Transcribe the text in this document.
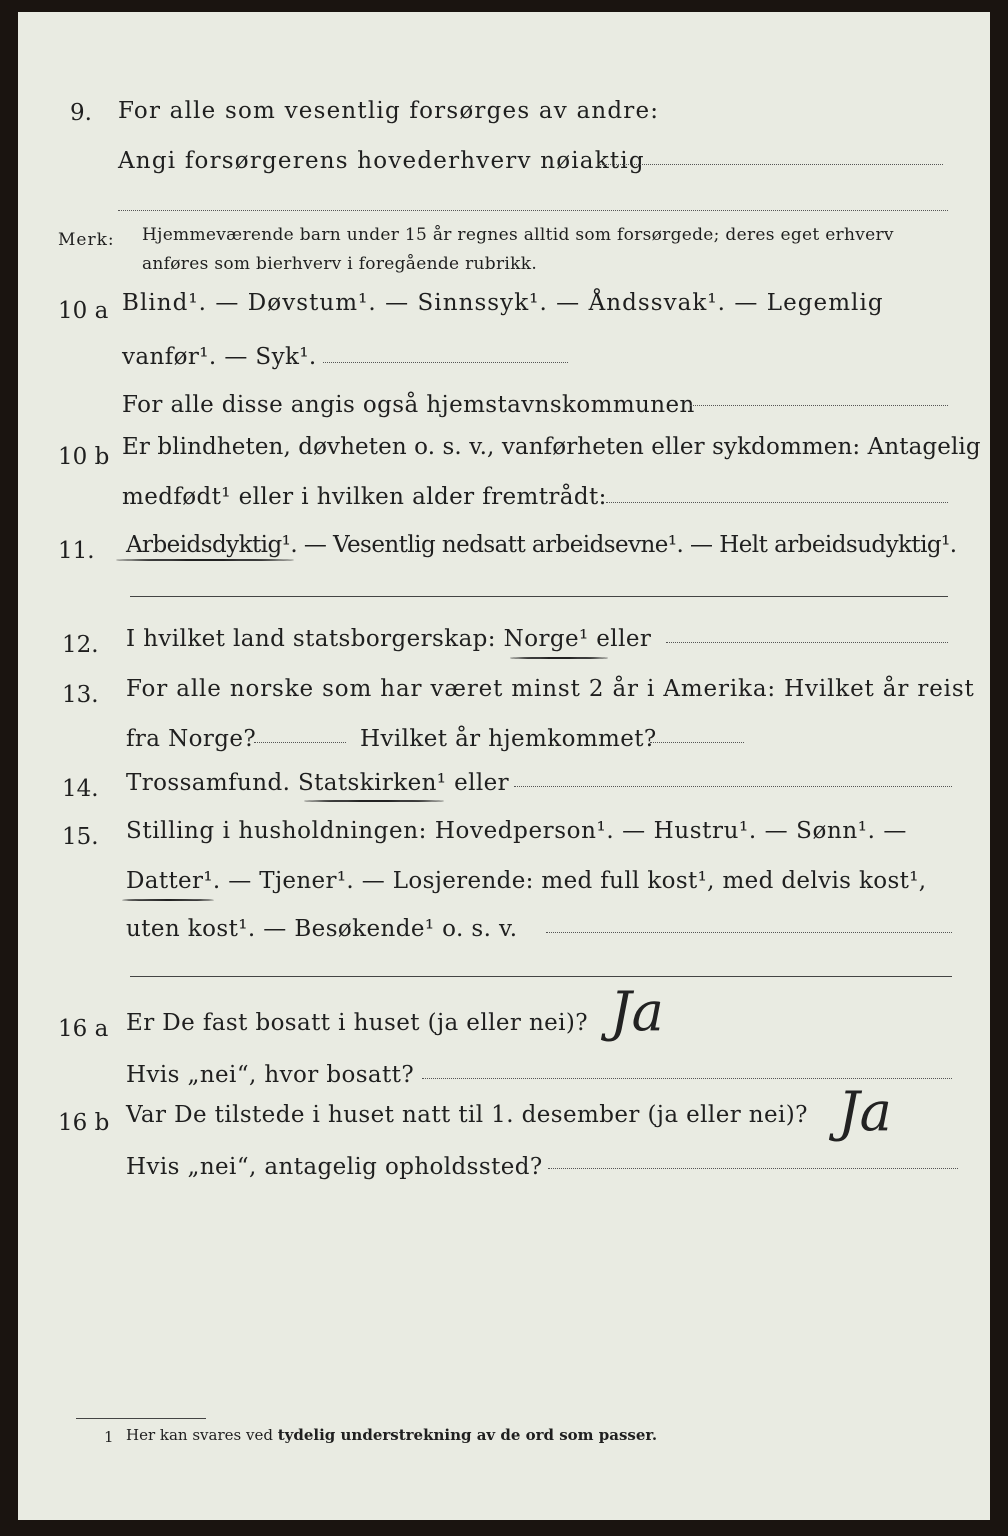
9. For alle som vesentlig forsørges av andre:
Angi forsørgerens hovederhverv nøiaktig
Merk: Hjemmeværende barn under 15 år regnes alltid som forsørgede; deres eget erhverv
anføres som bierhverv i foregående rubrikk.
10 a Blind¹. — Døvstum¹. — Sinnssyk¹. — Åndssvak¹. — Legemlig
vanfør¹. — Syk¹.
For alle disse angis også hjemstavnskommunen
10 b Er blindheten, døvheten o. s. v., vanførheten eller sykdommen: Antagelig
medfødt¹ eller i hvilken alder fremtrådt:
11. Arbeidsdyktig¹. — Vesentlig nedsatt arbeidsevne¹. — Helt arbeidsudyktig¹.
12. I hvilket land statsborgerskap: Norge¹ eller
13. For alle norske som har været minst 2 år i Amerika: Hvilket år reist
fra Norge?	Hvilket år hjemkommet?
14. Trossamfund. Statskirken¹ eller
15. Stilling i husholdningen: Hovedperson¹. — Hustru¹. — Sønn¹. —
Datter¹. — Tjener¹. — Losjerende: med full kost¹, med delvis kost¹,
uten kost¹. — Besøkende¹ o. s. v.
16 a Er De fast bosatt i huset (ja eller nei)? Ja
Hvis „nei“, hvor bosatt?
16 b Var De tilstede i huset natt til 1. desember (ja eller nei)? Ja
Hvis „nei“, antagelig opholdssted?
1 Her kan svares ved tydelig understrekning av de ord som passer.
